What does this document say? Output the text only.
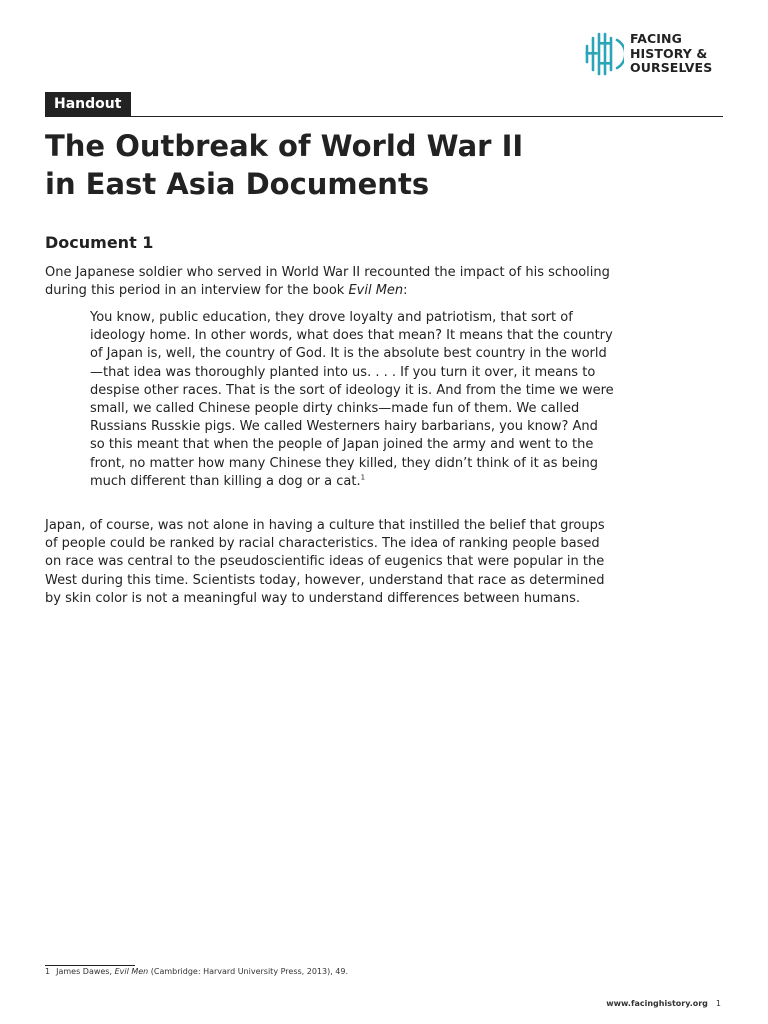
FACING
HISTORY &
OURSELVES
Handout
The Outbreak of World War II
in East Asia Documents
Document 1

One Japanese soldier who served in World War II recounted the impact of his schooling during this period in an interview for the book Evil Men:

You know, public education, they drove loyalty and patriotism, that sort of ideology home. In other words, what does that mean? It means that the country of Japan is, well, the country of God. It is the absolute best country in the world—that idea was thoroughly planted into us. . . . If you turn it over, it means to despise other races. That is the sort of ideology it is. And from the time we were small, we called Chinese people dirty chinks—made fun of them. We called Russians Russkie pigs. We called Westerners hairy barbarians, you know? And so this meant that when the people of Japan joined the army and went to the front, no matter how many Chinese they killed, they didn’t think of it as being much different than killing a dog or a cat.$^1$

Japan, of course, was not alone in having a culture that instilled the belief that groups of people could be ranked by racial characteristics. The idea of ranking people based on race was central to the pseudoscientific ideas of eugenics that were popular in the West during this time. Scientists today, however, understand that race as determined by skin color is not a meaningful way to understand differences between humans.

1 James Dawes, Evil Men (Cambridge: Harvard University Press, 2013), 49.

www.facinghistory.org 1
